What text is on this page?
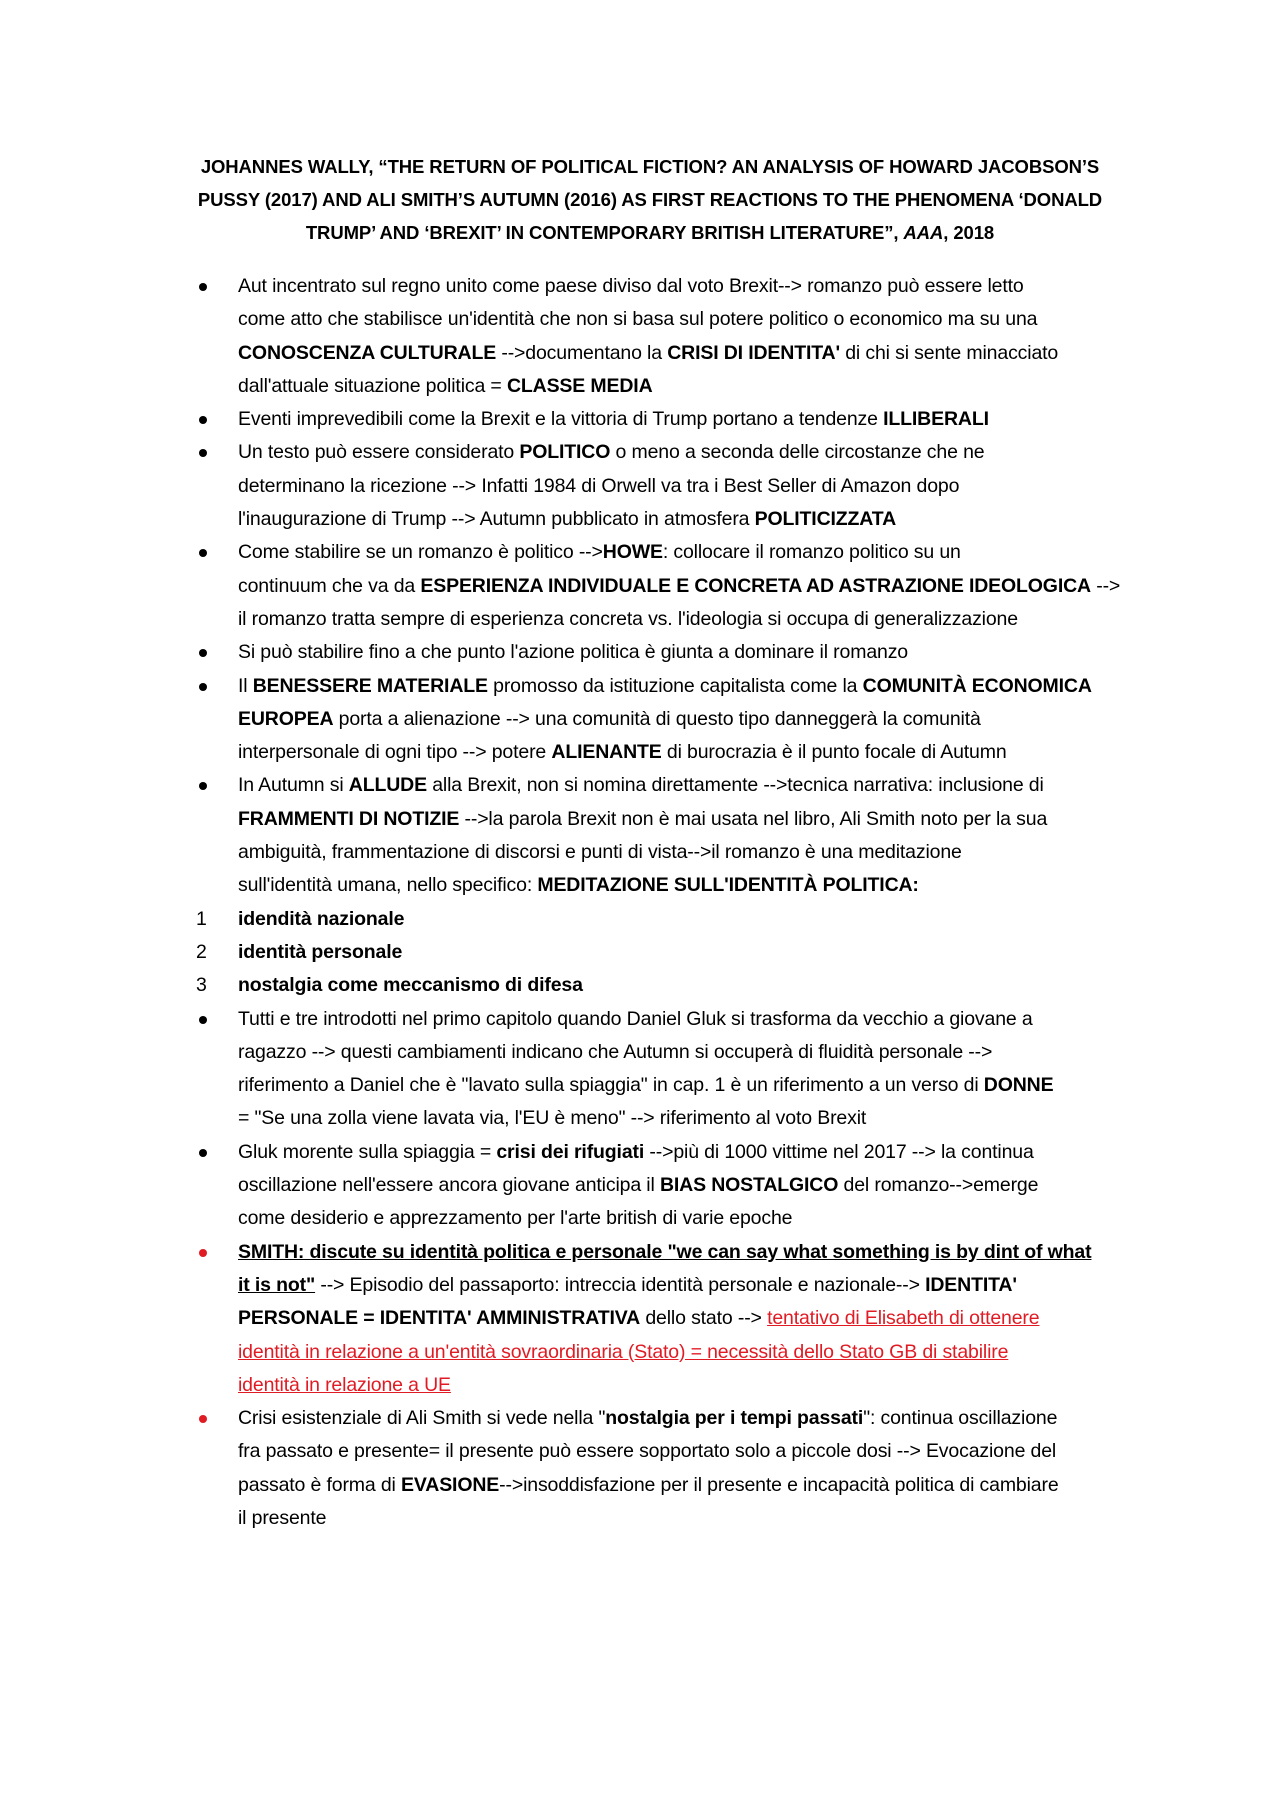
JOHANNES WALLY, “THE RETURN OF POLITICAL FICTION? AN ANALYSIS OF HOWARD JACOBSON’S
PUSSY (2017) AND ALI SMITH’S AUTUMN (2016) AS FIRST REACTIONS TO THE PHENOMENA ‘DONALD
TRUMP’ AND ‘BREXIT’ IN CONTEMPORARY BRITISH LITERATURE”, AAA, 2018
Aut incentrato sul regno unito come paese diviso dal voto Brexit--> romanzo può essere letto
come atto che stabilisce un'identità che non si basa sul potere politico o economico ma su una
CONOSCENZA CULTURALE -->documentano la CRISI DI IDENTITA' di chi si sente minacciato
dall'attuale situazione politica = CLASSE MEDIA
Eventi imprevedibili come la Brexit e la vittoria di Trump portano a tendenze ILLIBERALI
Un testo può essere considerato POLITICO o meno a seconda delle circostanze che ne
determinano la ricezione --> Infatti 1984 di Orwell va tra i Best Seller di Amazon dopo
l'inaugurazione di Trump --> Autumn pubblicato in atmosfera POLITICIZZATA
Come stabilire se un romanzo è politico -->HOWE: collocare il romanzo politico su un
continuum che va da ESPERIENZA INDIVIDUALE E CONCRETA AD ASTRAZIONE IDEOLOGICA -->
il romanzo tratta sempre di esperienza concreta vs. l'ideologia si occupa di generalizzazione
Si può stabilire fino a che punto l'azione politica è giunta a dominare il romanzo
Il BENESSERE MATERIALE promosso da istituzione capitalista come la COMUNITÀ ECONOMICA
EUROPEA porta a alienazione --> una comunità di questo tipo danneggerà la comunità
interpersonale di ogni tipo --> potere ALIENANTE di burocrazia è il punto focale di Autumn
In Autumn si ALLUDE alla Brexit, non si nomina direttamente -->tecnica narrativa: inclusione di
FRAMMENTI DI NOTIZIE -->la parola Brexit non è mai usata nel libro, Ali Smith noto per la sua
ambiguità, frammentazione di discorsi e punti di vista-->il romanzo è una meditazione
sull'identità umana, nello specifico: MEDITAZIONE SULL'IDENTITÀ POLITICA:
1	idendità nazionale
2	identità personale
3	nostalgia come meccanismo di difesa
Tutti e tre introdotti nel primo capitolo quando Daniel Gluk si trasforma da vecchio a giovane a
ragazzo --> questi cambiamenti indicano che Autumn si occuperà di fluidità personale -->
riferimento a Daniel che è "lavato sulla spiaggia" in cap. 1 è un riferimento a un verso di DONNE
= "Se una zolla viene lavata via, l'EU è meno" --> riferimento al voto Brexit
Gluk morente sulla spiaggia = crisi dei rifugiati -->più di 1000 vittime nel 2017 --> la continua
oscillazione nell'essere ancora giovane anticipa il BIAS NOSTALGICO del romanzo-->emerge
come desiderio e apprezzamento per l'arte british di varie epoche
SMITH: discute su identità politica e personale "we can say what something is by dint of what
it is not" --> Episodio del passaporto: intreccia identità personale e nazionale--> IDENTITA'
PERSONALE = IDENTITA' AMMINISTRATIVA dello stato --> tentativo di Elisabeth di ottenere
identità in relazione a un'entità sovraordinaria (Stato) = necessità dello Stato GB di stabilire
identità in relazione a UE
Crisi esistenziale di Ali Smith si vede nella "nostalgia per i tempi passati": continua oscillazione
fra passato e presente= il presente può essere sopportato solo a piccole dosi --> Evocazione del
passato è forma di EVASIONE-->insoddisfazione per il presente e incapacità politica di cambiare
il presente
